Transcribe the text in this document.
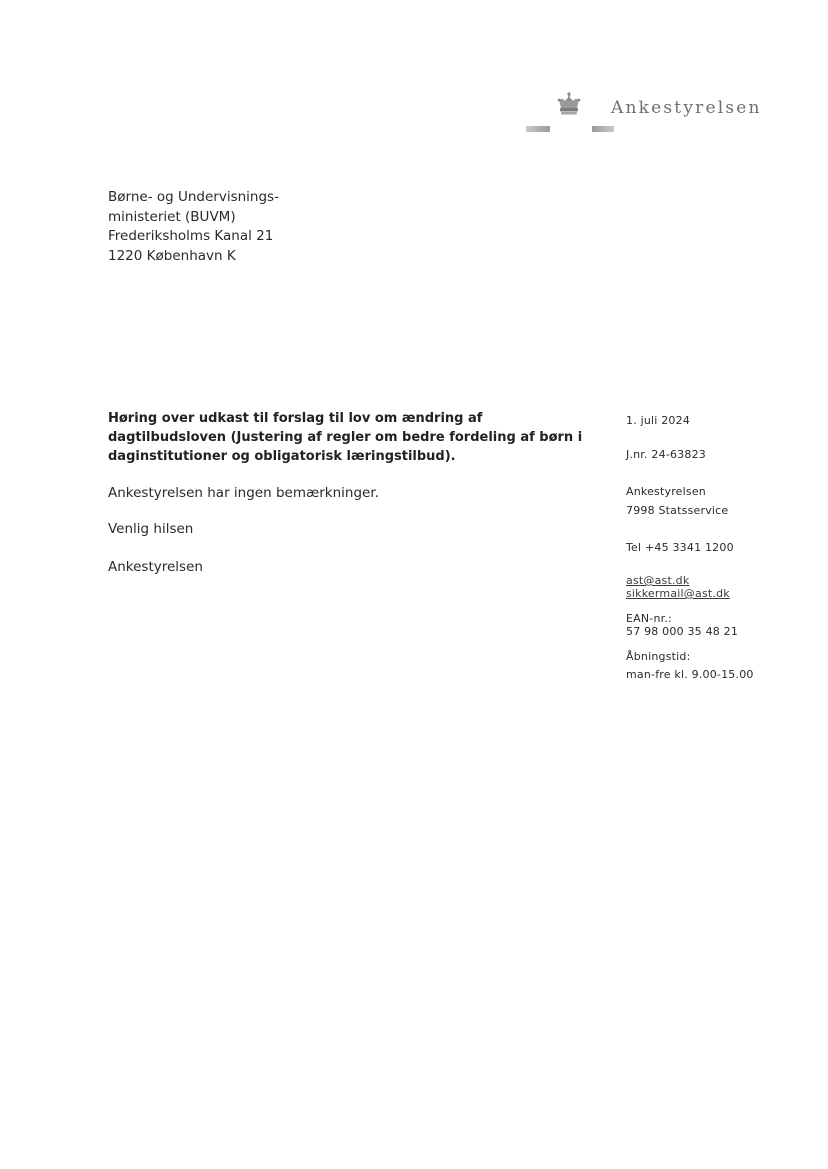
Ankestyrelsen
Børne- og Undervisnings-
ministeriet (BUVM)
Frederiksholms Kanal 21
1220 København K
Høring over udkast til forslag til lov om ændring af
dagtilbudsloven (Justering af regler om bedre fordeling af børn i
daginstitutioner og obligatorisk læringstilbud).
Ankestyrelsen har ingen bemærkninger.
Venlig hilsen
Ankestyrelsen
1. juli 2024
J.nr. 24-63823
Ankestyrelsen
7998 Statsservice
Tel +45 3341 1200
ast@ast.dk
sikkermail@ast.dk
EAN-nr.:
57 98 000 35 48 21
Åbningstid:
man-fre kl. 9.00-15.00
